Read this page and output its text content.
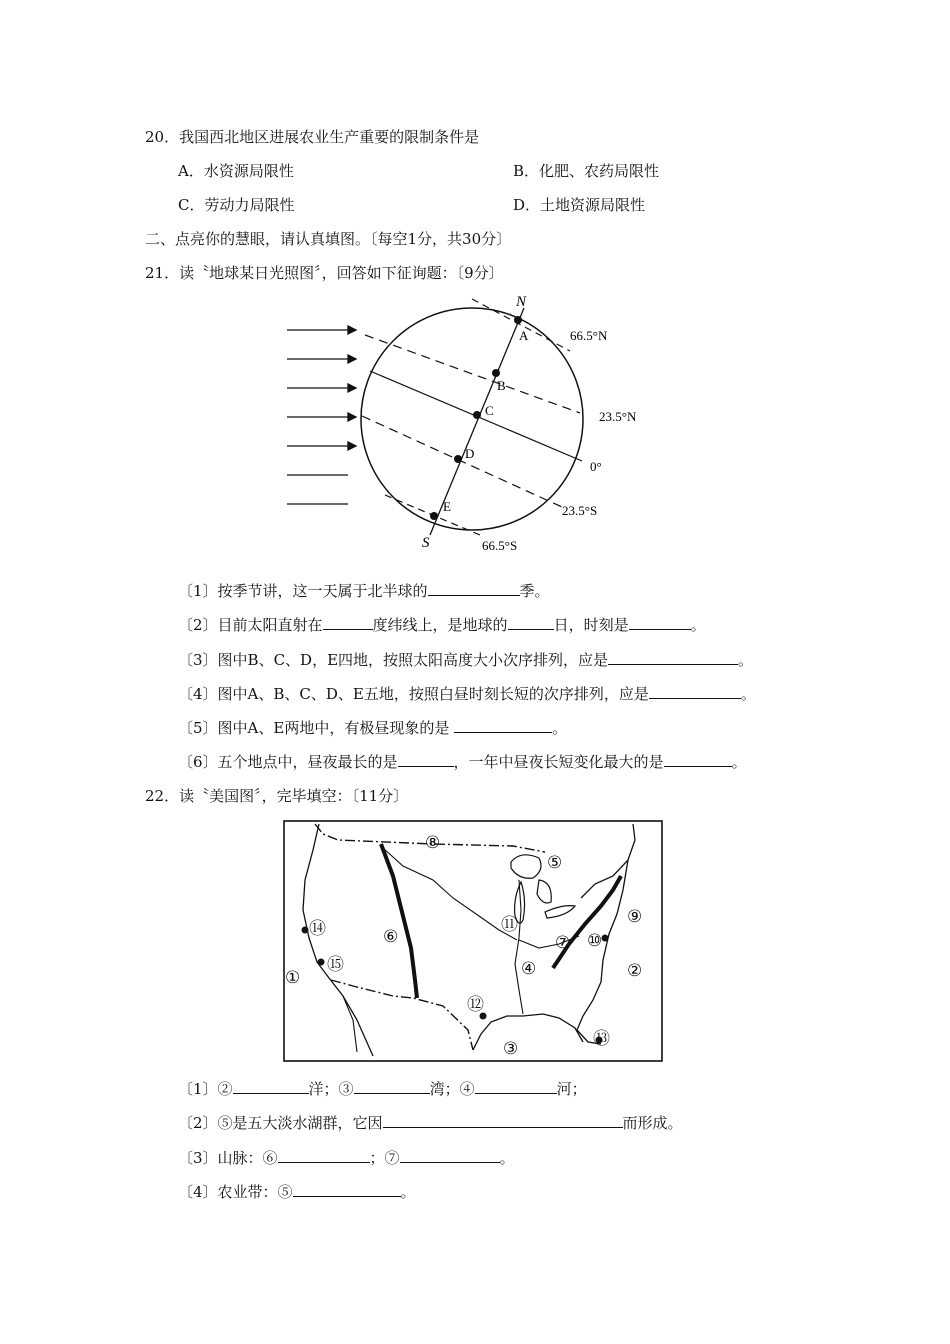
20．我国西北地区进展农业生产重要的限制条件是
A．水资源局限性	B．化肥、农药局限性
C．劳动力局限性	D．土地资源局限性
二、点亮你的慧眼，请认真填图。〔每空1分，共30分〕
21．读〝地球某日光照图〞，回答如下征询题：〔9分〕
N
S
A
B
C
D
E
66.5°N
23.5°N
0°
23.5°S
66.5°S
〔1〕按季节讲，这一天属于北半球的	季。
〔2〕目前太阳直射在	度纬线上，是地球的	日，时刻是	。
〔3〕图中B、C、D，E四地，按照太阳高度大小次序排列，应是	。
〔4〕图中A、B、C、D、E五地，按照白昼时刻长短的次序排列，应是	。
〔5〕图中A、E两地中，有极昼现象的是	。
〔6〕五个地点中，昼夜最长的是	，一年中昼夜长短变化最大的是	。
22．读〝美国图〞，完毕填空：〔11分〕
①	②
③
④
⑤
⑥	⑦
⑧
⑨
⑩
⑪
⑫
⑬
⑭
⑮
〔1〕②	洋；③	湾；④	河；
〔2〕⑤是五大淡水湖群，它因	而形成。
〔3〕山脉：⑥	；⑦	。
〔4〕农业带：⑤	。
